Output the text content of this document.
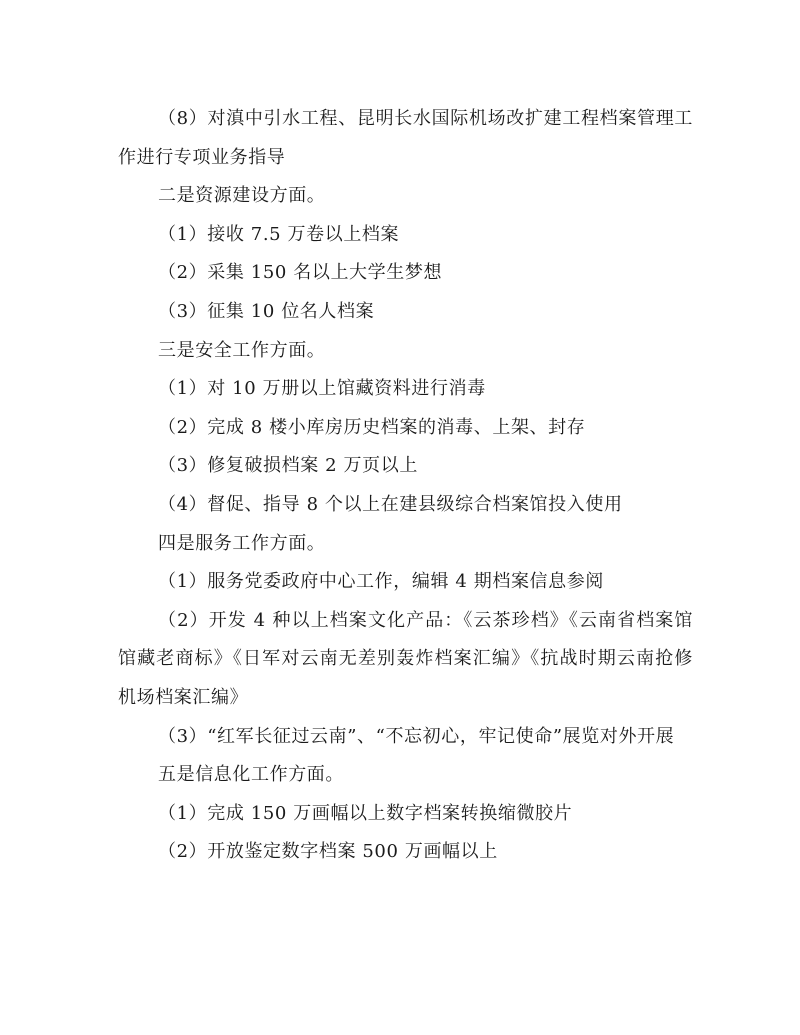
（8）对滇中引水工程、昆明长水国际机场改扩建工程档案管理工作进行专项业务指导

二是资源建设方面。

（1）接收 7.5 万卷以上档案

（2）采集 150 名以上大学生梦想

（3）征集 10 位名人档案

三是安全工作方面。

（1）对 10 万册以上馆藏资料进行消毒

（2）完成 8 楼小库房历史档案的消毒、上架、封存

（3）修复破损档案 2 万页以上

（4）督促、指导 8 个以上在建县级综合档案馆投入使用

四是服务工作方面。

（1）服务党委政府中心工作，编辑 4 期档案信息参阅

（2）开发 4 种以上档案文化产品：《云茶珍档》《云南省档案馆馆藏老商标》《日军对云南无差别轰炸档案汇编》《抗战时期云南抢修机场档案汇编》

（3）“红军长征过云南”、“不忘初心，牢记使命”展览对外开展

五是信息化工作方面。

（1）完成 150 万画幅以上数字档案转换缩微胶片

（2）开放鉴定数字档案 500 万画幅以上
